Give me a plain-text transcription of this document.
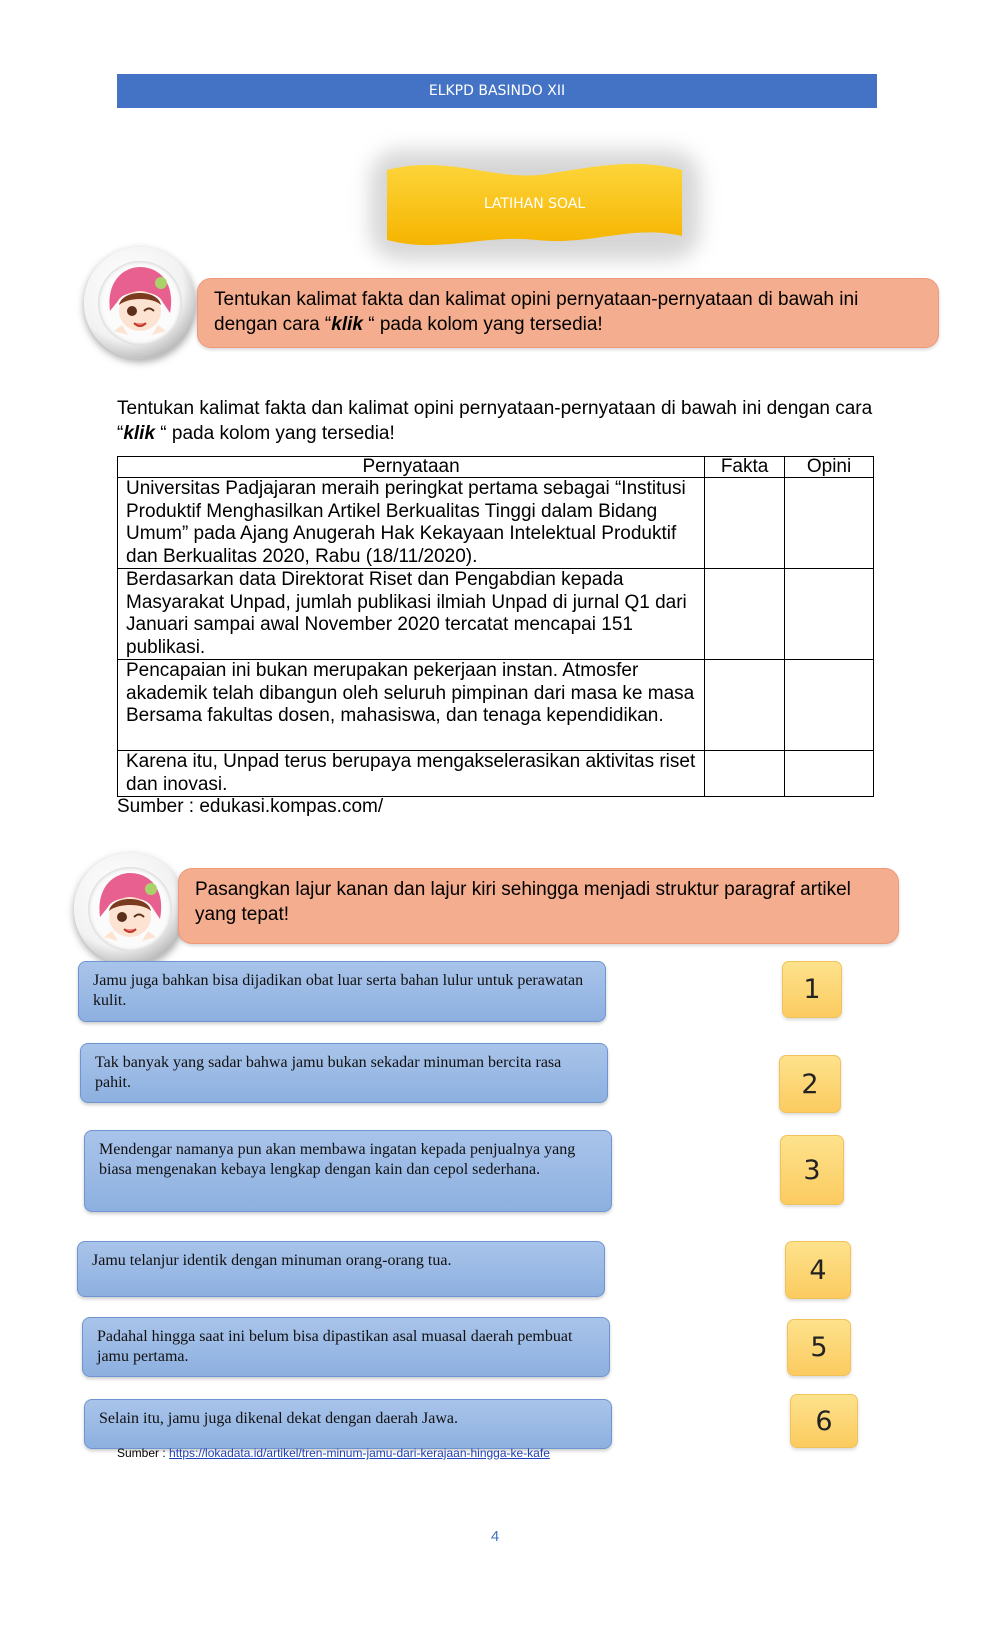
ELKPD BASINDO XII
LATIHAN SOAL
Tentukan kalimat fakta dan kalimat opini pernyataan-pernyataan di bawah ini dengan cara “klik “ pada kolom yang tersedia!
Tentukan kalimat fakta dan kalimat opini pernyataan-pernyataan di bawah ini dengan cara “klik “ pada kolom yang tersedia!
Pernyataan	Fakta	Opini
Universitas Padjajaran meraih peringkat pertama sebagai “Institusi Produktif Menghasilkan Artikel Berkualitas Tinggi dalam Bidang Umum” pada Ajang Anugerah Hak Kekayaan Intelektual Produktif dan Berkualitas 2020, Rabu (18/11/2020).		
Berdasarkan data Direktorat Riset dan Pengabdian kepada Masyarakat Unpad, jumlah publikasi ilmiah Unpad di jurnal Q1 dari Januari sampai awal November 2020 tercatat mencapai 151 publikasi.		
Pencapaian ini bukan merupakan pekerjaan instan. Atmosfer akademik telah dibangun oleh seluruh pimpinan dari masa ke masa Bersama fakultas dosen, mahasiswa, dan tenaga kependidikan.		
Karena itu, Unpad terus berupaya mengakselerasikan aktivitas riset dan inovasi.		
Sumber : edukasi.kompas.com/
Pasangkan lajur kanan dan lajur kiri sehingga menjadi struktur paragraf artikel yang tepat!
Jamu juga bahkan bisa dijadikan obat luar serta bahan lulur untuk perawatan kulit.
Tak banyak yang sadar bahwa jamu bukan sekadar minuman bercita rasa pahit.
Mendengar namanya pun akan membawa ingatan kepada penjualnya yang biasa mengenakan kebaya lengkap dengan kain dan cepol sederhana.
Jamu telanjur identik dengan minuman orang-orang tua.
Padahal hingga saat ini belum bisa dipastikan asal muasal daerah pembuat jamu pertama.
Selain itu, jamu juga dikenal dekat dengan daerah Jawa.
1
2
3
4
5
6
Sumber : https://lokadata.id/artikel/tren-minum-jamu-dari-kerajaan-hingga-ke-kafe
4
